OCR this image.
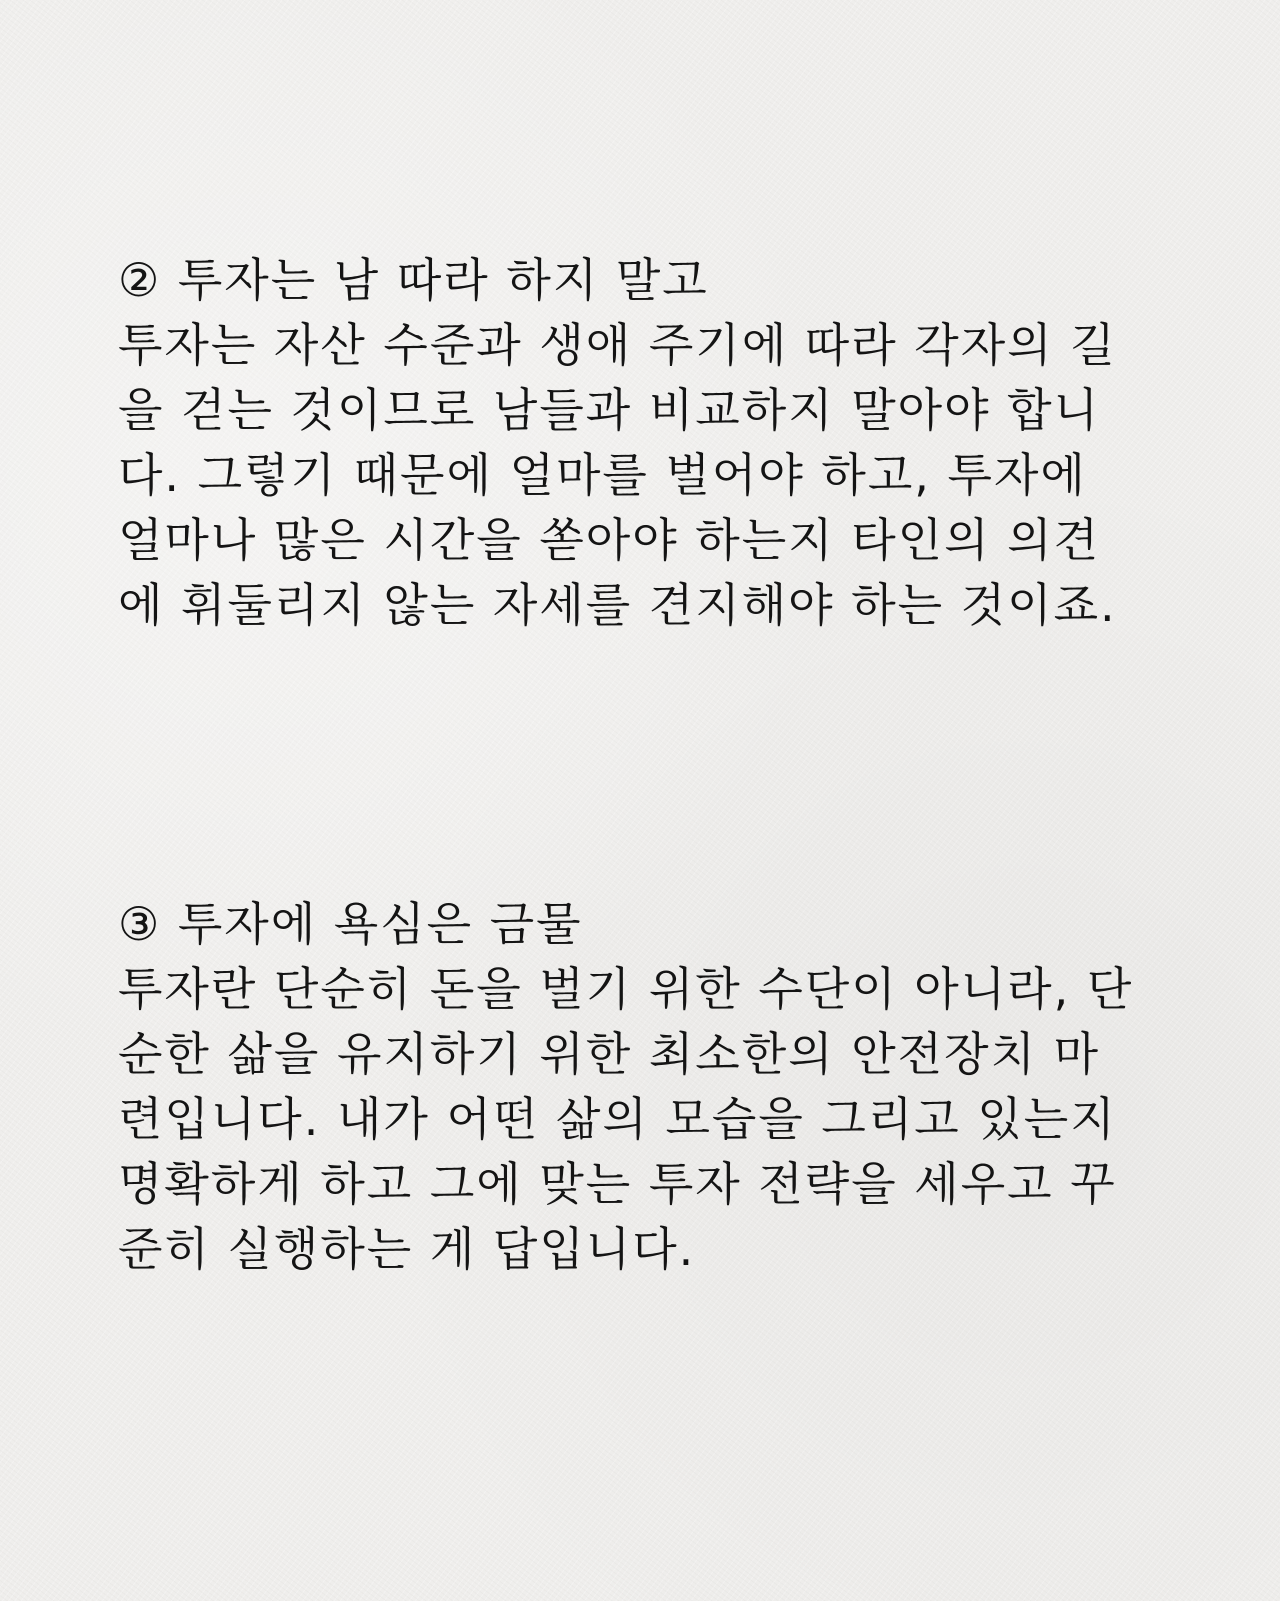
② 투자는 남 따라 하지 말고
투자는 자산 수준과 생애 주기에 따라 각자의 길
을 걷는 것이므로 남들과 비교하지 말아야 합니
다. 그렇기 때문에 얼마를 벌어야 하고, 투자에
얼마나 많은 시간을 쏟아야 하는지 타인의 의견
에 휘둘리지 않는 자세를 견지해야 하는 것이죠.
③ 투자에 욕심은 금물
투자란 단순히 돈을 벌기 위한 수단이 아니라, 단
순한 삶을 유지하기 위한 최소한의 안전장치 마
련입니다. 내가 어떤 삶의 모습을 그리고 있는지
명확하게 하고 그에 맞는 투자 전략을 세우고 꾸
준히 실행하는 게 답입니다.
